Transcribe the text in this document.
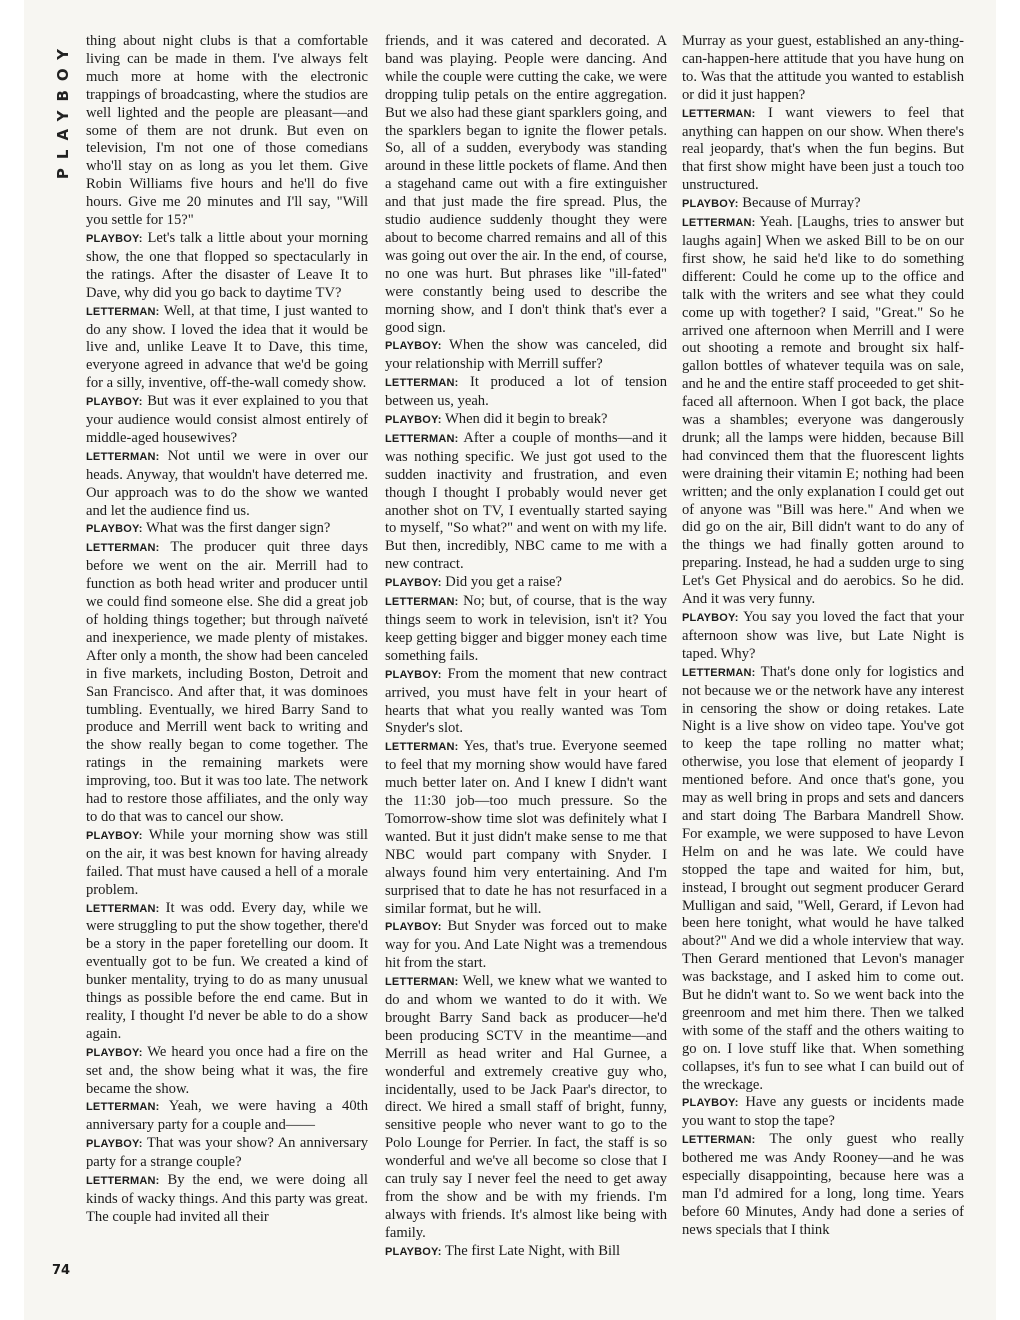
PLAYBOY thing about night clubs is that a comfortable living can be made in them. I've always felt much more at home with the electronic trappings of broadcasting, where the studios are well lighted and the people are pleasant—and some of them are not drunk. But even on television, I'm not one of those comedians who'll stay on as long as you let them. Give Robin Williams five hours and he'll do five hours. Give me 20 minutes and I'll say, "Will you settle for 15?"

PLAYBOY: Let's talk a little about your morning show, the one that flopped so spectacularly in the ratings. After the disaster of Leave It to Dave, why did you go back to daytime TV?

LETTERMAN: Well, at that time, I just wanted to do any show. I loved the idea that it would be live and, unlike Leave It to Dave, this time, everyone agreed in advance that we'd be going for a silly, inventive, off-the-wall comedy show.

PLAYBOY: But was it ever explained to you that your audience would consist almost entirely of middle-aged housewives?

LETTERMAN: Not until we were in over our heads. Anyway, that wouldn't have deterred me. Our approach was to do the show we wanted and let the audience find us.

PLAYBOY: What was the first danger sign?

LETTERMAN: The producer quit three days before we went on the air. Merrill had to function as both head writer and producer until we could find someone else. She did a great job of holding things together; but through naïveté and inexperience, we made plenty of mistakes. After only a month, the show had been canceled in five markets, including Boston, Detroit and San Francisco. And after that, it was dominoes tumbling. Eventually, we hired Barry Sand to produce and Merrill went back to writing and the show really began to come together. The ratings in the remaining markets were improving, too. But it was too late. The network had to restore those affiliates, and the only way to do that was to cancel our show.

PLAYBOY: While your morning show was still on the air, it was best known for having already failed. That must have caused a hell of a morale problem.

LETTERMAN: It was odd. Every day, while we were struggling to put the show together, there'd be a story in the paper foretelling our doom. It eventually got to be fun. We created a kind of bunker mentality, trying to do as many unusual things as possible before the end came. But in reality, I thought I'd never be able to do a show again.

PLAYBOY: We heard you once had a fire on the set and, the show being what it was, the fire became the show.

LETTERMAN: Yeah, we were having a 40th anniversary party for a couple and——

PLAYBOY: That was your show? An anniversary party for a strange couple?

LETTERMAN: By the end, we were doing all kinds of wacky things. And this party was great. The couple had invited all their

friends, and it was catered and decorated. A band was playing. People were dancing. And while the couple were cutting the cake, we were dropping tulip petals on the entire aggregation. But we also had these giant sparklers going, and the sparklers began to ignite the flower petals. So, all of a sudden, everybody was standing around in these little pockets of flame. And then a stagehand came out with a fire extinguisher and that just made the fire spread. Plus, the studio audience suddenly thought they were about to become charred remains and all of this was going out over the air. In the end, of course, no one was hurt. But phrases like "ill-fated" were constantly being used to describe the morning show, and I don't think that's ever a good sign.

PLAYBOY: When the show was canceled, did your relationship with Merrill suffer?

LETTERMAN: It produced a lot of tension between us, yeah.

PLAYBOY: When did it begin to break?

LETTERMAN: After a couple of months—and it was nothing specific. We just got used to the sudden inactivity and frustration, and even though I thought I probably would never get another shot on TV, I eventually started saying to myself, "So what?" and went on with my life. But then, incredibly, NBC came to me with a new contract.

PLAYBOY: Did you get a raise?

LETTERMAN: No; but, of course, that is the way things seem to work in television, isn't it? You keep getting bigger and bigger money each time something fails.

PLAYBOY: From the moment that new contract arrived, you must have felt in your heart of hearts that what you really wanted was Tom Snyder's slot.

LETTERMAN: Yes, that's true. Everyone seemed to feel that my morning show would have fared much better later on. And I knew I didn't want the 11:30 job—too much pressure. So the Tomorrow-show time slot was definitely what I wanted. But it just didn't make sense to me that NBC would part company with Snyder. I always found him very entertaining. And I'm surprised that to date he has not resurfaced in a similar format, but he will.

PLAYBOY: But Snyder was forced out to make way for you. And Late Night was a tremendous hit from the start.

LETTERMAN: Well, we knew what we wanted to do and whom we wanted to do it with. We brought Barry Sand back as producer—he'd been producing SCTV in the meantime—and Merrill as head writer and Hal Gurnee, a wonderful and extremely creative guy who, incidentally, used to be Jack Paar's director, to direct. We hired a small staff of bright, funny, sensitive people who never want to go to the Polo Lounge for Perrier. In fact, the staff is so wonderful and we've all become so close that I can truly say I never feel the need to get away from the show and be with my friends. I'm always with friends. It's almost like being with family.

PLAYBOY: The first Late Night, with Bill

Murray as your guest, established an any-thing-can-happen-here attitude that you have hung on to. Was that the attitude you wanted to establish or did it just happen?

LETTERMAN: I want viewers to feel that anything can happen on our show. When there's real jeopardy, that's when the fun begins. But that first show might have been just a touch too unstructured.

PLAYBOY: Because of Murray?

LETTERMAN: Yeah. [Laughs, tries to answer but laughs again] When we asked Bill to be on our first show, he said he'd like to do something different: Could he come up to the office and talk with the writers and see what they could come up with together? I said, "Great." So he arrived one afternoon when Merrill and I were out shooting a remote and brought six half-gallon bottles of whatever tequila was on sale, and he and the entire staff proceeded to get shit-faced all afternoon. When I got back, the place was a shambles; everyone was dangerously drunk; all the lamps were hidden, because Bill had convinced them that the fluorescent lights were draining their vitamin E; nothing had been written; and the only explanation I could get out of anyone was "Bill was here." And when we did go on the air, Bill didn't want to do any of the things we had finally gotten around to preparing. Instead, he had a sudden urge to sing Let's Get Physical and do aerobics. So he did. And it was very funny.

PLAYBOY: You say you loved the fact that your afternoon show was live, but Late Night is taped. Why?

LETTERMAN: That's done only for logistics and not because we or the network have any interest in censoring the show or doing retakes. Late Night is a live show on video tape. You've got to keep the tape rolling no matter what; otherwise, you lose that element of jeopardy I mentioned before. And once that's gone, you may as well bring in props and sets and dancers and start doing The Barbara Mandrell Show. For example, we were supposed to have Levon Helm on and he was late. We could have stopped the tape and waited for him, but, instead, I brought out segment producer Gerard Mulligan and said, "Well, Gerard, if Levon had been here tonight, what would he have talked about?" And we did a whole interview that way. Then Gerard mentioned that Levon's manager was backstage, and I asked him to come out. But he didn't want to. So we went back into the greenroom and met him there. Then we talked with some of the staff and the others waiting to go on. I love stuff like that. When something collapses, it's fun to see what I can build out of the wreckage.

PLAYBOY: Have any guests or incidents made you want to stop the tape?

LETTERMAN: The only guest who really bothered me was Andy Rooney—and he was especially disappointing, because here was a man I'd admired for a long, long time. Years before 60 Minutes, Andy had done a series of news specials that I think

74
